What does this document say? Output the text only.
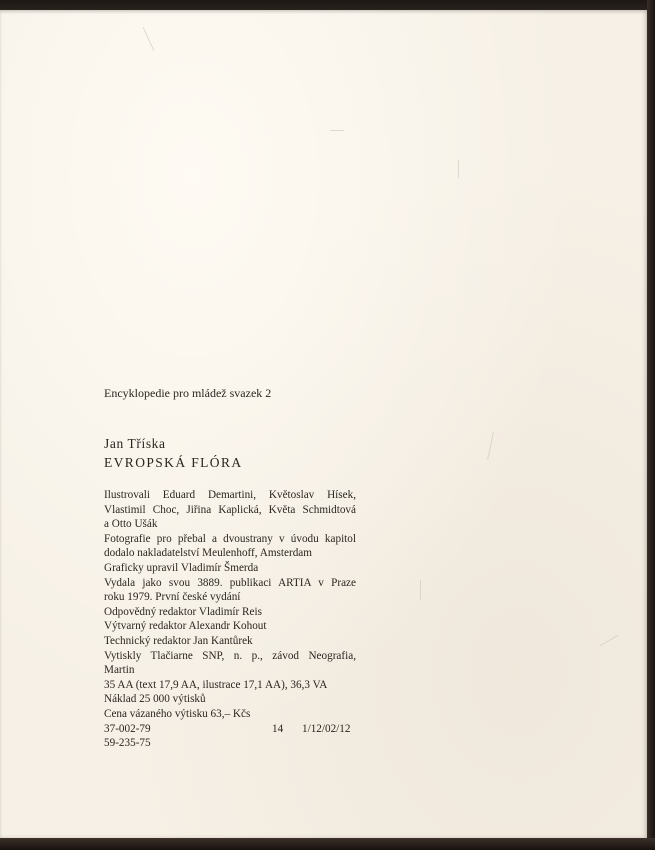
Encyklopedie pro mládež svazek 2
Jan Tříska
EVROPSKÁ FLÓRA
Ilustrovali Eduard Demartini, Květoslav Hísek,
Vlastimil Choc, Jiřina Kaplická, Květa Schmidtová
a Otto Ušák
Fotografie pro přebal a dvoustrany v úvodu kapitol
dodalo nakladatelství Meulenhoff, Amsterdam
Graficky upravil Vladimír Šmerda
Vydala jako svou 3889. publikaci ARTIA v Praze
roku 1979. První české vydání
Odpovědný redaktor Vladimír Reis
Výtvarný redaktor Alexandr Kohout
Technický redaktor Jan Kantůrek
Vytiskly Tlačiarne SNP, n. p., závod Neografia,
Martin
35 AA (text 17,9 AA, ilustrace 17,1 AA), 36,3 VA
Náklad 25 000 výtisků
Cena vázaného výtisku 63,– Kčs
37-002-79	14	1/12/02/12
59-235-75
